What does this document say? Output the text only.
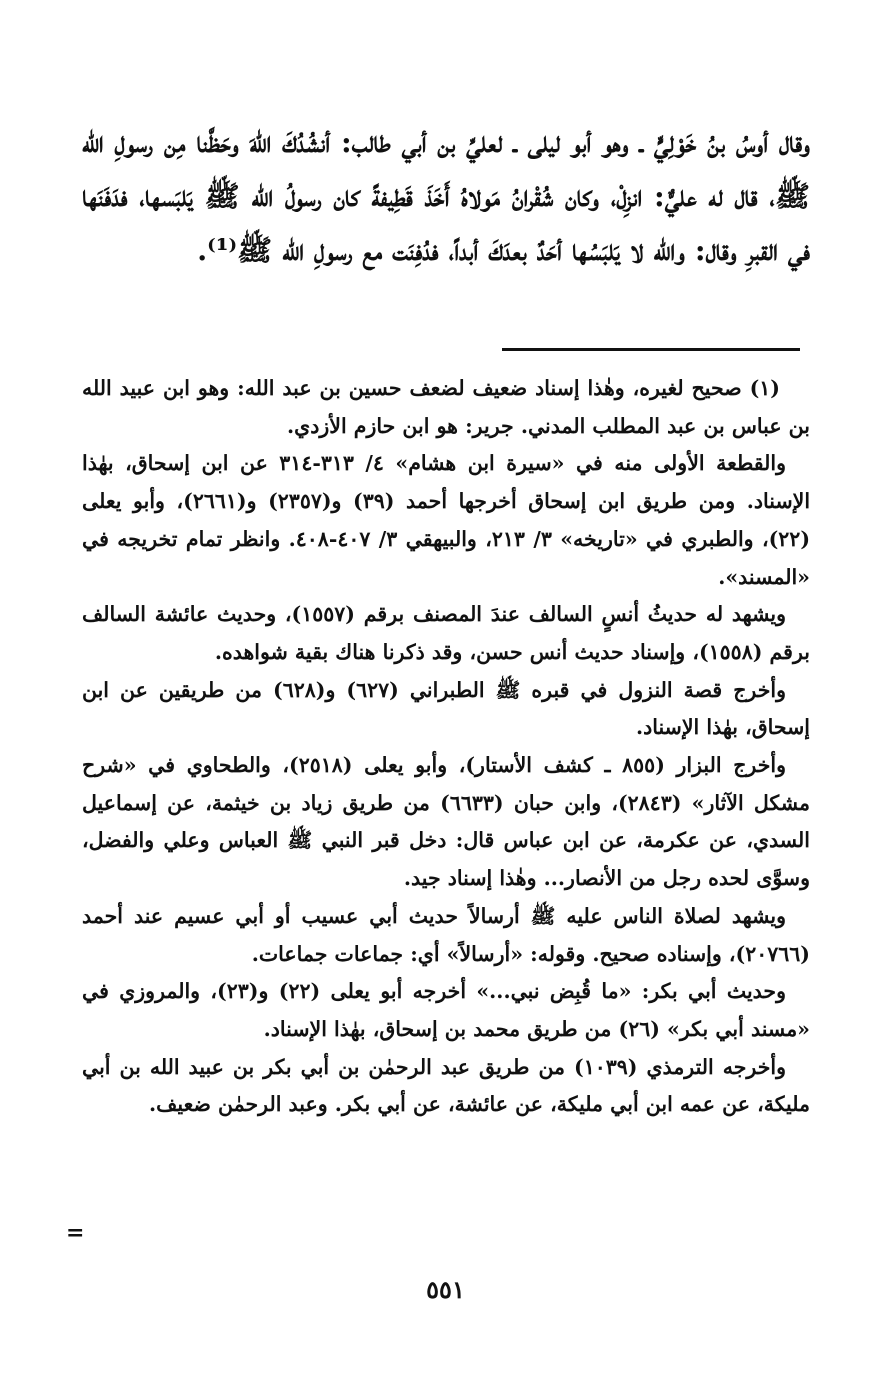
وقال أوسُ بنُ خَوْلِيٍّ ـ وهو أبو ليلى ـ لعليِّ بن أبي طالب: أنشُدُكَ اللهَ وحَظَّنا مِن رسولِ الله ﷺ، قال له عليٌّ: انزِلْ، وكان شُقْرانُ مَولاهُ أَخَذَ قَطِيفةً كان رسولُ الله ﷺ يَلبَسها، فدَفَنَها في القبرِ وقال: والله لا يَلبَسُها أحَدٌ بعدَكَ أبداً، فدُفِنَت مع رسولِ الله ﷺ⁽¹⁾.

(١) صحيح لغيره، وهٰذا إسناد ضعيف لضعف حسين بن عبد الله: وهو ابن عبيد الله بن عباس بن عبد المطلب المدني. جرير: هو ابن حازم الأزدي.

والقطعة الأولى منه في «سيرة ابن هشام» ٤/ ٣١٣-٣١٤ عن ابن إسحاق، بهٰذا الإسناد. ومن طريق ابن إسحاق أخرجها أحمد (٣٩) و(٢٣٥٧) و(٢٦٦١)، وأبو يعلى (٢٢)، والطبري في «تاريخه» ٣/ ٢١٣، والبيهقي ٣/ ٤٠٧-٤٠٨. وانظر تمام تخريجه في «المسند».

ويشهد له حديثُ أنسٍ السالف عندَ المصنف برقم (١٥٥٧)، وحديث عائشة السالف برقم (١٥٥٨)، وإسناد حديث أنس حسن، وقد ذكرنا هناك بقية شواهده.

وأخرج قصة النزول في قبره ﷺ الطبراني (٦٢٧) و(٦٢٨) من طريقين عن ابن إسحاق، بهٰذا الإسناد.

وأخرج البزار (٨٥٥ ـ كشف الأستار)، وأبو يعلى (٢٥١٨)، والطحاوي في «شرح مشكل الآثار» (٢٨٤٣)، وابن حبان (٦٦٣٣) من طريق زياد بن خيثمة، عن إسماعيل السدي، عن عكرمة، عن ابن عباس قال: دخل قبر النبي ﷺ العباس وعلي والفضل، وسوَّى لحده رجل من الأنصار... وهٰذا إسناد جيد.

ويشهد لصلاة الناس عليه ﷺ أرسالاً حديث أبي عسيب أو أبي عسيم عند أحمد (٢٠٧٦٦)، وإسناده صحيح. وقوله: «أرسالاً» أي: جماعات جماعات.

وحديث أبي بكر: «ما قُبِض نبي...» أخرجه أبو يعلى (٢٢) و(٢٣)، والمروزي في «مسند أبي بكر» (٢٦) من طريق محمد بن إسحاق، بهٰذا الإسناد.

وأخرجه الترمذي (١٠٣٩) من طريق عبد الرحمٰن بن أبي بكر بن عبيد الله بن أبي مليكة، عن عمه ابن أبي مليكة، عن عائشة، عن أبي بكر. وعبد الرحمٰن ضعيف.

=
٥٥١
